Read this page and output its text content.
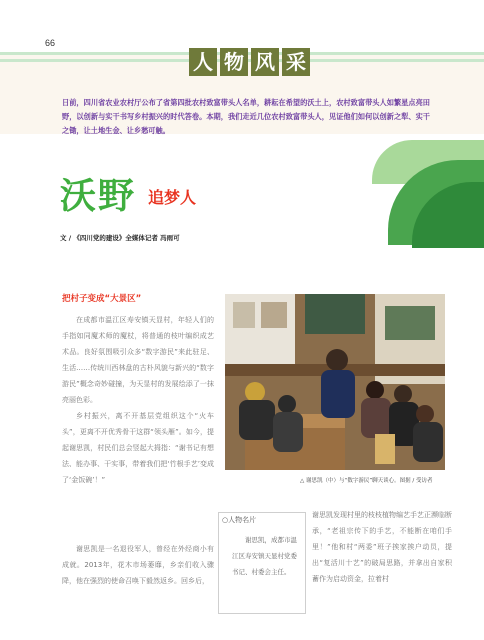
66
人 物 风 采
日前，四川省农业农村厅公布了省第四批农村致富带头人名单，耕耘在希望的沃土上，农村致富带头人如繁星点亮田野，以创新与实干书写乡村振兴的时代答卷。本期，我们走近几位农村致富带头人，见证他们如何以创新之犁、实干之锄，让土地生金、让乡愁可触。
沃野 追梦人
文 / 《四川党的建设》全媒体记者 冯雨可
把村子变成“大景区”
在成都市温江区寿安镇天显村，年轻人们的手指如同魔术师的魔杖，将普通的枝叶编织成艺术品。良好氛围吸引众多“数字游民”来此驻足、生活……传统川西林盘的古朴风貌与新兴的“数字游民”概念奇妙碰撞，为天显村的发展绘添了一抹亮丽色彩。
乡村振兴，离不开基层党组织这个“火车头”，更离不开优秀骨干这群“领头雁”。如今，提起谢思凯，村民们总会竖起大拇指：“谢书记有想法、能办事、干实事，带着我们把‘竹根手艺’变成了‘金饭碗’！”
谢思凯是一名退役军人，曾经在外经商小有成就。2013年，花木市场萎靡，乡亲们收入骤降，他在强烈的使命召唤下毅然返乡。回乡后，
△ 谢思凯（中）与“数字游民”聊天谈心。图据 / 受访者
○人物名片
谢思凯，成都市温江区寿安镇天显村党委书记、村委会主任。
谢思凯发现村里的枝枝植物编艺手艺正濒临断承，“老祖宗传下的手艺，不能断在咱们手里！”他和村“两委”班子挨家挨户动员，提出“复活川十艺”的破局思路，并拿出自家积蓄作为启动资金，拉着村
